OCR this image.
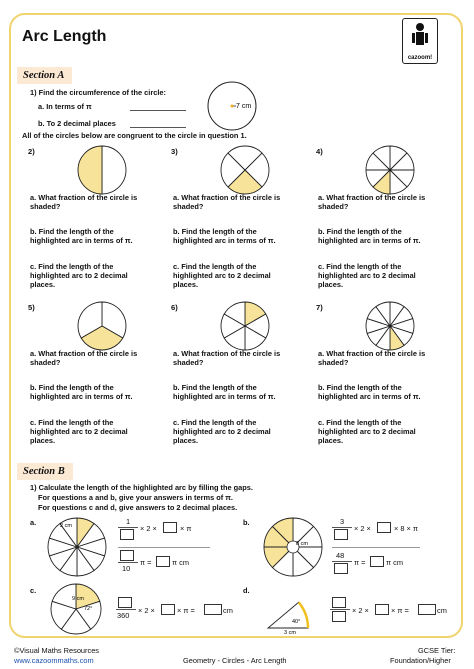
Arc Length
cazoom!
Section A
1) Find the circumference of the circle:
a. In terms of π
b. To 2 decimal places
7 cm
All of the circles below are congruent to the circle in question 1.
2)
a. What fraction of the circle is
shaded?
b. Find the length of the
highlighted arc in terms of π.
c. Find the length of the
highlighted arc to 2 decimal
places.
3)
a. What fraction of the circle is
shaded?
b. Find the length of the
highlighted arc in terms of π.
c. Find the length of the
highlighted arc to 2 decimal
places.
4)
a. What fraction of the circle is
shaded?
b. Find the length of the
highlighted arc in terms of π.
c. Find the length of the
highlighted arc to 2 decimal
places.
5)
a. What fraction of the circle is
shaded?
b. Find the length of the
highlighted arc in terms of π.
c. Find the length of the
highlighted arc to 2 decimal
places.
6)
a. What fraction of the circle is
shaded?
b. Find the length of the
highlighted arc in terms of π.
c. Find the length of the
highlighted arc to 2 decimal
places.
7)
a. What fraction of the circle is
shaded?
b. Find the length of the
highlighted arc in terms of π.
c. Find the length of the
highlighted arc to 2 decimal
places.
Section B
1) Calculate the length of the highlighted arc by filling the gaps.
For questions a and b, give your answers in terms of π.
For questions c and d, give answers to 2 decimal places.
a.	2 cm	1
× 2 ×	× π
10
π =	π cm
b.
8 cm
3
× 2 ×	× 8 × π
48
π =	π cm
c.
9 cm
72°
360
× 2 ×	× π =	cm
d.
40°
3 cm
× 2 ×	× π =	cm
©Visual Maths Resources
www.cazoommaths.com	Geometry - Circles - Arc Length
GCSE Tier:
Foundation/Higher
